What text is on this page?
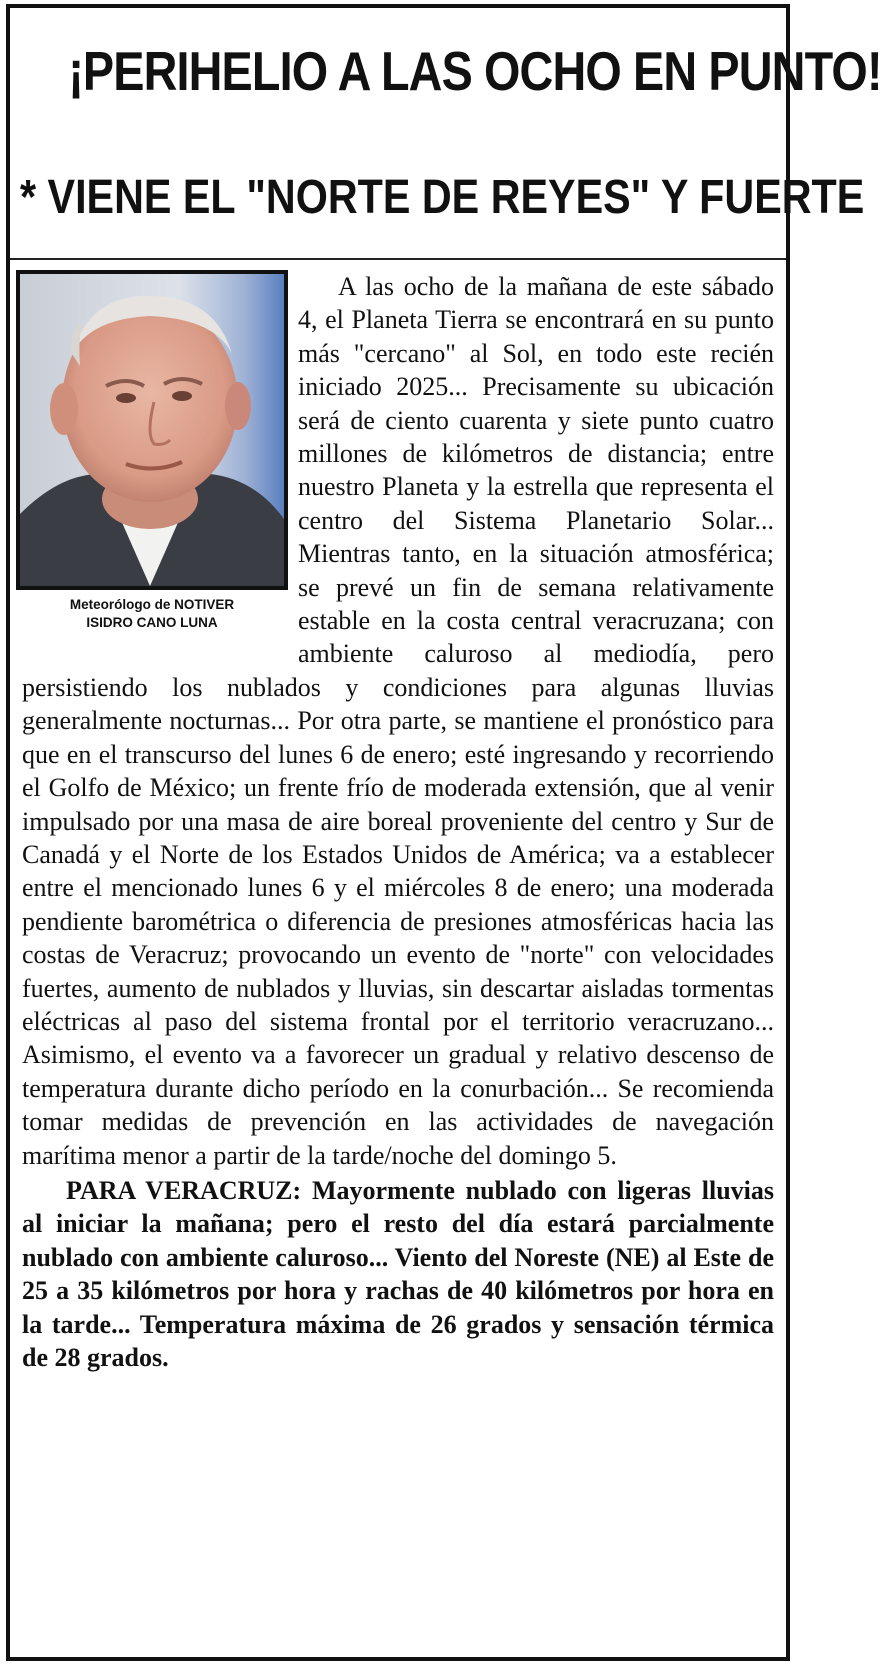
¡PERIHELIO A LAS OCHO EN PUNTO!
* VIENE EL "NORTE DE REYES" Y FUERTE

A las ocho de la mañana de este sábado 4, el Planeta Tierra se encontrará en su punto más "cercano" al Sol, en todo este recién iniciado 2025... Precisamente su ubicación será de ciento cuarenta y siete punto cuatro millones de kilómetros de distancia; entre nuestro Planeta y la estrella que representa el centro del Sistema Planetario Solar... Mientras tanto, en la situación atmosférica; se prevé un fin de semana relativamente estable en la costa central veracruzana; con ambiente caluroso al mediodía, pero persistiendo los nublados y condiciones para algunas lluvias generalmente nocturnas... Por otra parte, se mantiene el pronóstico para que en el transcurso del lunes 6 de enero; esté ingresando y recorriendo el Golfo de México; un frente frío de moderada extensión, que al venir impulsado por una masa de aire boreal proveniente del centro y Sur de Canadá y el Norte de los Estados Unidos de América; va a establecer entre el mencionado lunes 6 y el miércoles 8 de enero; una moderada pendiente barométrica o diferencia de presiones atmosféricas hacia las costas de Veracruz; provocando un evento de "norte" con velocidades fuertes, aumento de nublados y lluvias, sin descartar aisladas tormentas eléctricas al paso del sistema frontal por el territorio veracruzano... Asimismo, el evento va a favorecer un gradual y relativo descenso de temperatura durante dicho período en la conurbación... Se recomienda tomar medidas de prevención en las actividades de navegación marítima menor a partir de la tarde/noche del domingo 5.

PARA VERACRUZ: Mayormente nublado con ligeras lluvias al iniciar la mañana; pero el resto del día estará parcialmente nublado con ambiente caluroso... Viento del Noreste (NE) al Este de 25 a 35 kilómetros por hora y rachas de 40 kilómetros por hora en la tarde... Temperatura máxima de 26 grados y sensación térmica de 28 grados.

Meteorólogo de NOTIVER
ISIDRO CANO LUNA
